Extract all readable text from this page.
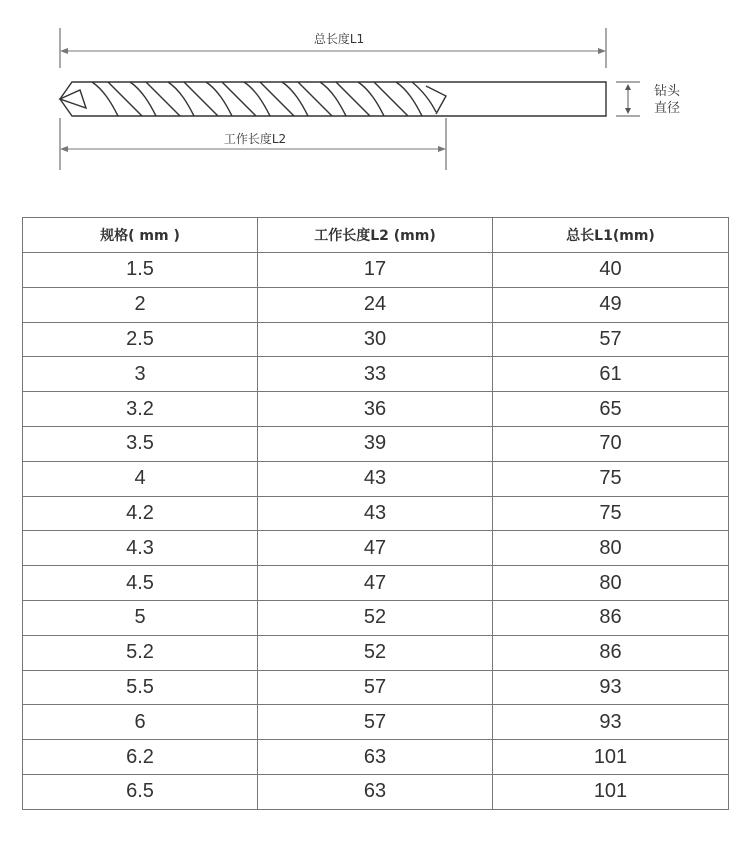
总长度L1
钻头
直径
工作长度L2
规格( mm )	工作长度L2 (mm)	总长L1(mm)
1.5	17	40
2	24	49
2.5	30	57
3	33	61
3.2	36	65
3.5	39	70
4	43	75
4.2	43	75
4.3	47	80
4.5	47	80
5	52	86
5.2	52	86
5.5	57	93
6	57	93
6.2	63	101
6.5	63	101
